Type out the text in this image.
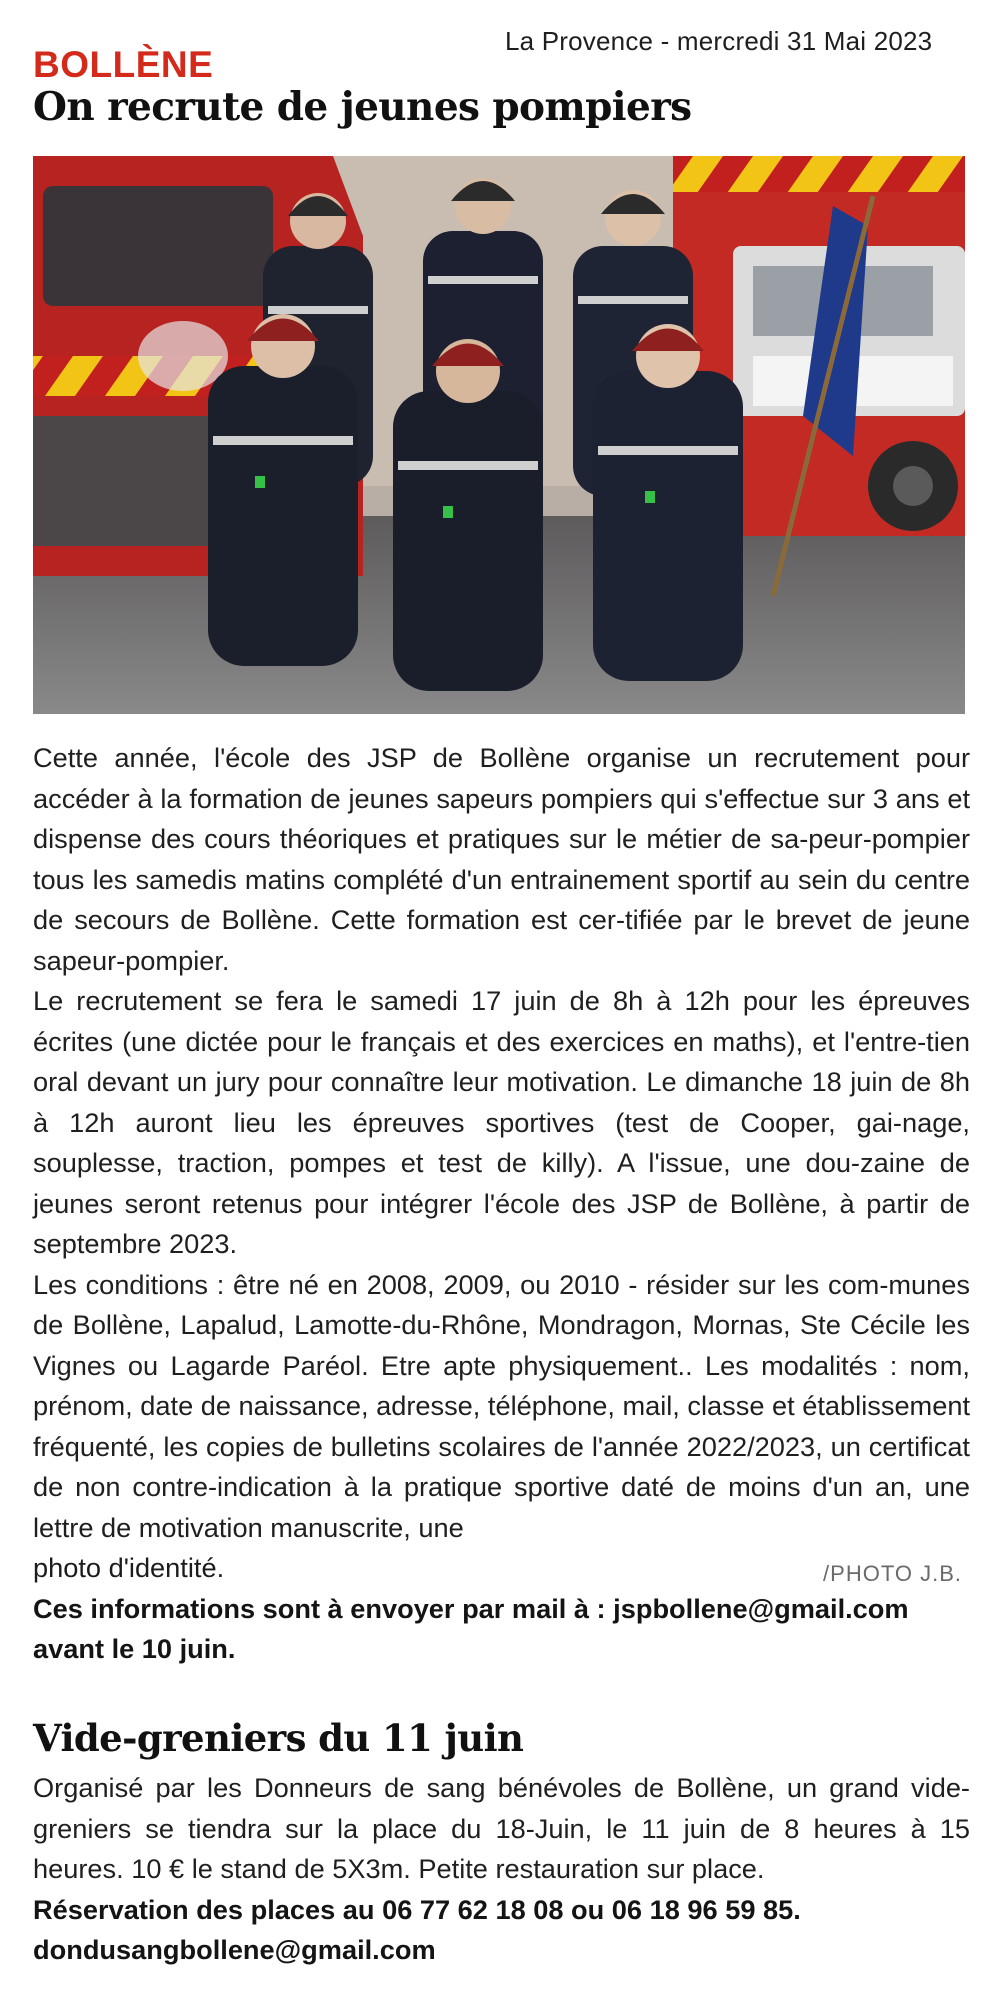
La Provence - mercredi 31 Mai 2023
BOLLÈNE
On recrute de jeunes pompiers

Cette année, l'école des JSP de Bollène organise un recrutement pour accéder à la formation de jeunes sapeurs pompiers qui s'effectue sur 3 ans et dispense des cours théoriques et pratiques sur le métier de sa-peur-pompier tous les samedis matins complété d'un entrainement sportif au sein du centre de secours de Bollène. Cette formation est cer-tifiée par le brevet de jeune sapeur-pompier.

Le recrutement se fera le samedi 17 juin de 8h à 12h pour les épreuves écrites (une dictée pour le français et des exercices en maths), et l'entre-tien oral devant un jury pour connaître leur motivation. Le dimanche 18 juin de 8h à 12h auront lieu les épreuves sportives (test de Cooper, gai-nage, souplesse, traction, pompes et test de killy). A l'issue, une dou-zaine de jeunes seront retenus pour intégrer l'école des JSP de Bollène, à partir de septembre 2023.

Les conditions : être né en 2008, 2009, ou 2010 - résider sur les com-munes de Bollène, Lapalud, Lamotte-du-Rhône, Mondragon, Mornas, Ste Cécile les Vignes ou Lagarde Paréol. Etre apte physiquement.. Les modalités : nom, prénom, date de naissance, adresse, téléphone, mail, classe et établissement fréquenté, les copies de bulletins scolaires de l'année 2022/2023, un certificat de non contre-indication à la pratique sportive daté de moins d'un an, une lettre de motivation manuscrite, une

photo d'identité.	/PHOTO J.B.
Ces informations sont à envoyer par mail à : jspbollene@gmail.com avant le 10 juin.
Vide-greniers du 11 juin

Organisé par les Donneurs de sang bénévoles de Bollène, un grand vide-greniers se tiendra sur la place du 18-Juin, le 11 juin de 8 heures à 15 heures. 10 € le stand de 5X3m. Petite restauration sur place.

Réservation des places au 06 77 62 18 08 ou 06 18 96 59 85.
dondusangbollene@gmail.com
